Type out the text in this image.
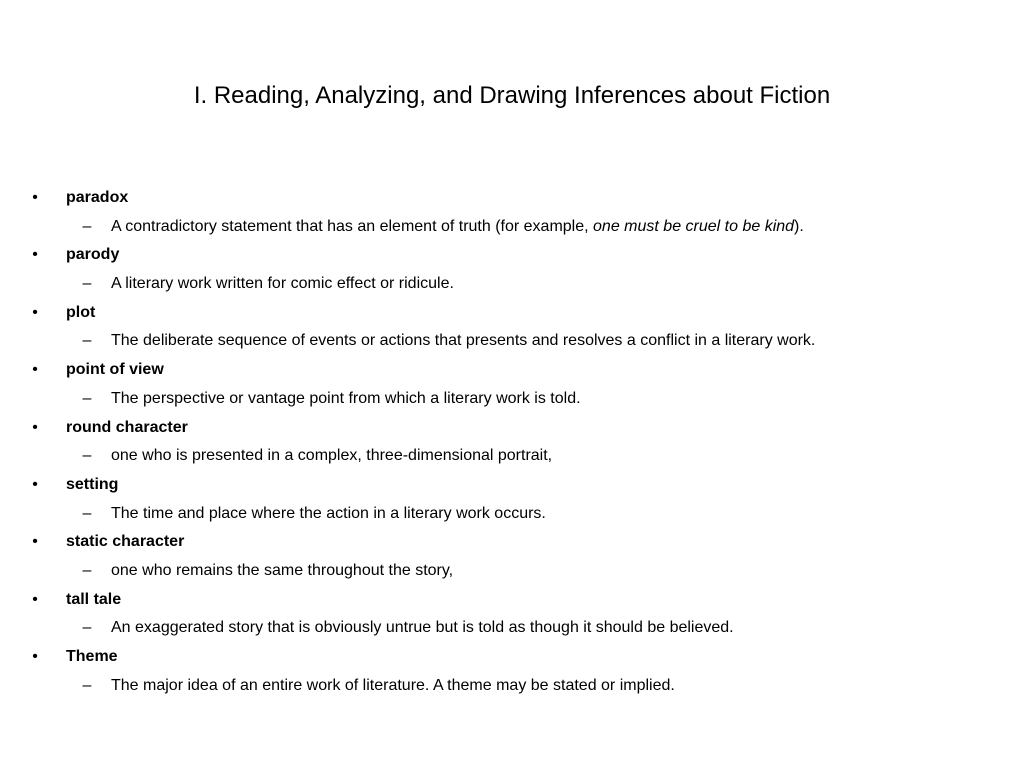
I. Reading, Analyzing, and Drawing Inferences about Fiction
• paradox
– A contradictory statement that has an element of truth (for example, one must be cruel to be kind).
• parody
– A literary work written for comic effect or ridicule.
• plot
– The deliberate sequence of events or actions that presents and resolves a conflict in a literary work.
• point of view
– The perspective or vantage point from which a literary work is told.
• round character
– one who is presented in a complex, three-dimensional portrait,
• setting
– The time and place where the action in a literary work occurs.
• static character
– one who remains the same throughout the story,
• tall tale
– An exaggerated story that is obviously untrue but is told as though it should be believed.
• Theme
– The major idea of an entire work of literature. A theme may be stated or implied.
